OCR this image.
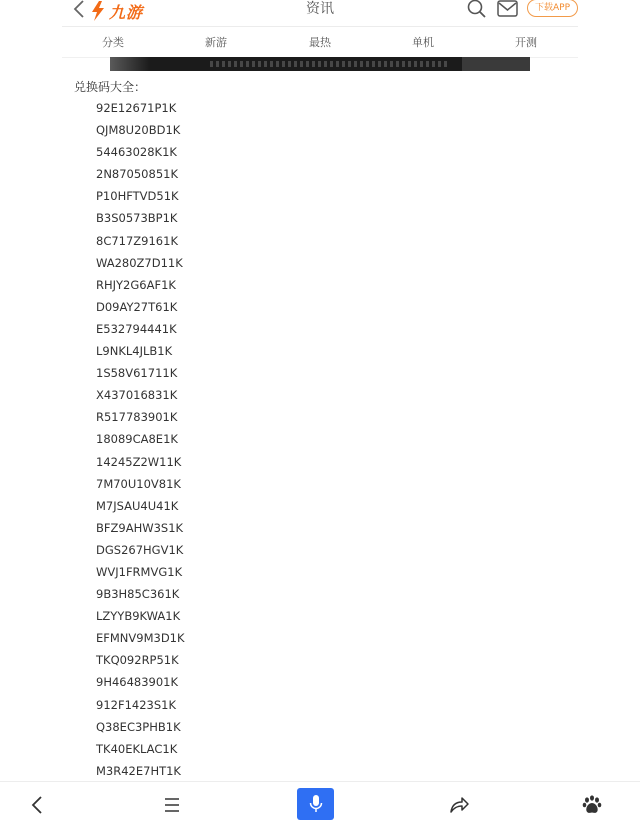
九游	资讯	下载APP
分类	新游	最热	单机	开测
兑换码大全：
92E12671P1K
QJM8U20BD1K
54463028K1K
2N87050851K
P10HFTVD51K
B3S0573BP1K
8C717Z9161K
WA280Z7D11K
RHJY2G6AF1K
D09AY27T61K
E532794441K
L9NKL4JLB1K
1S58V61711K
X437016831K
R517783901K
18089CA8E1K
14245Z2W11K
7M70U10V81K
M7JSAU4U41K
BFZ9AHW3S1K
DGS267HGV1K
WVJ1FRMVG1K
9B3H85C361K
LZYYB9KWA1K
EFMNV9M3D1K
TKQ092RP51K
9H46483901K
912F1423S1K
Q38EC3PHB1K
TK40EKLAC1K
M3R42E7HT1K
